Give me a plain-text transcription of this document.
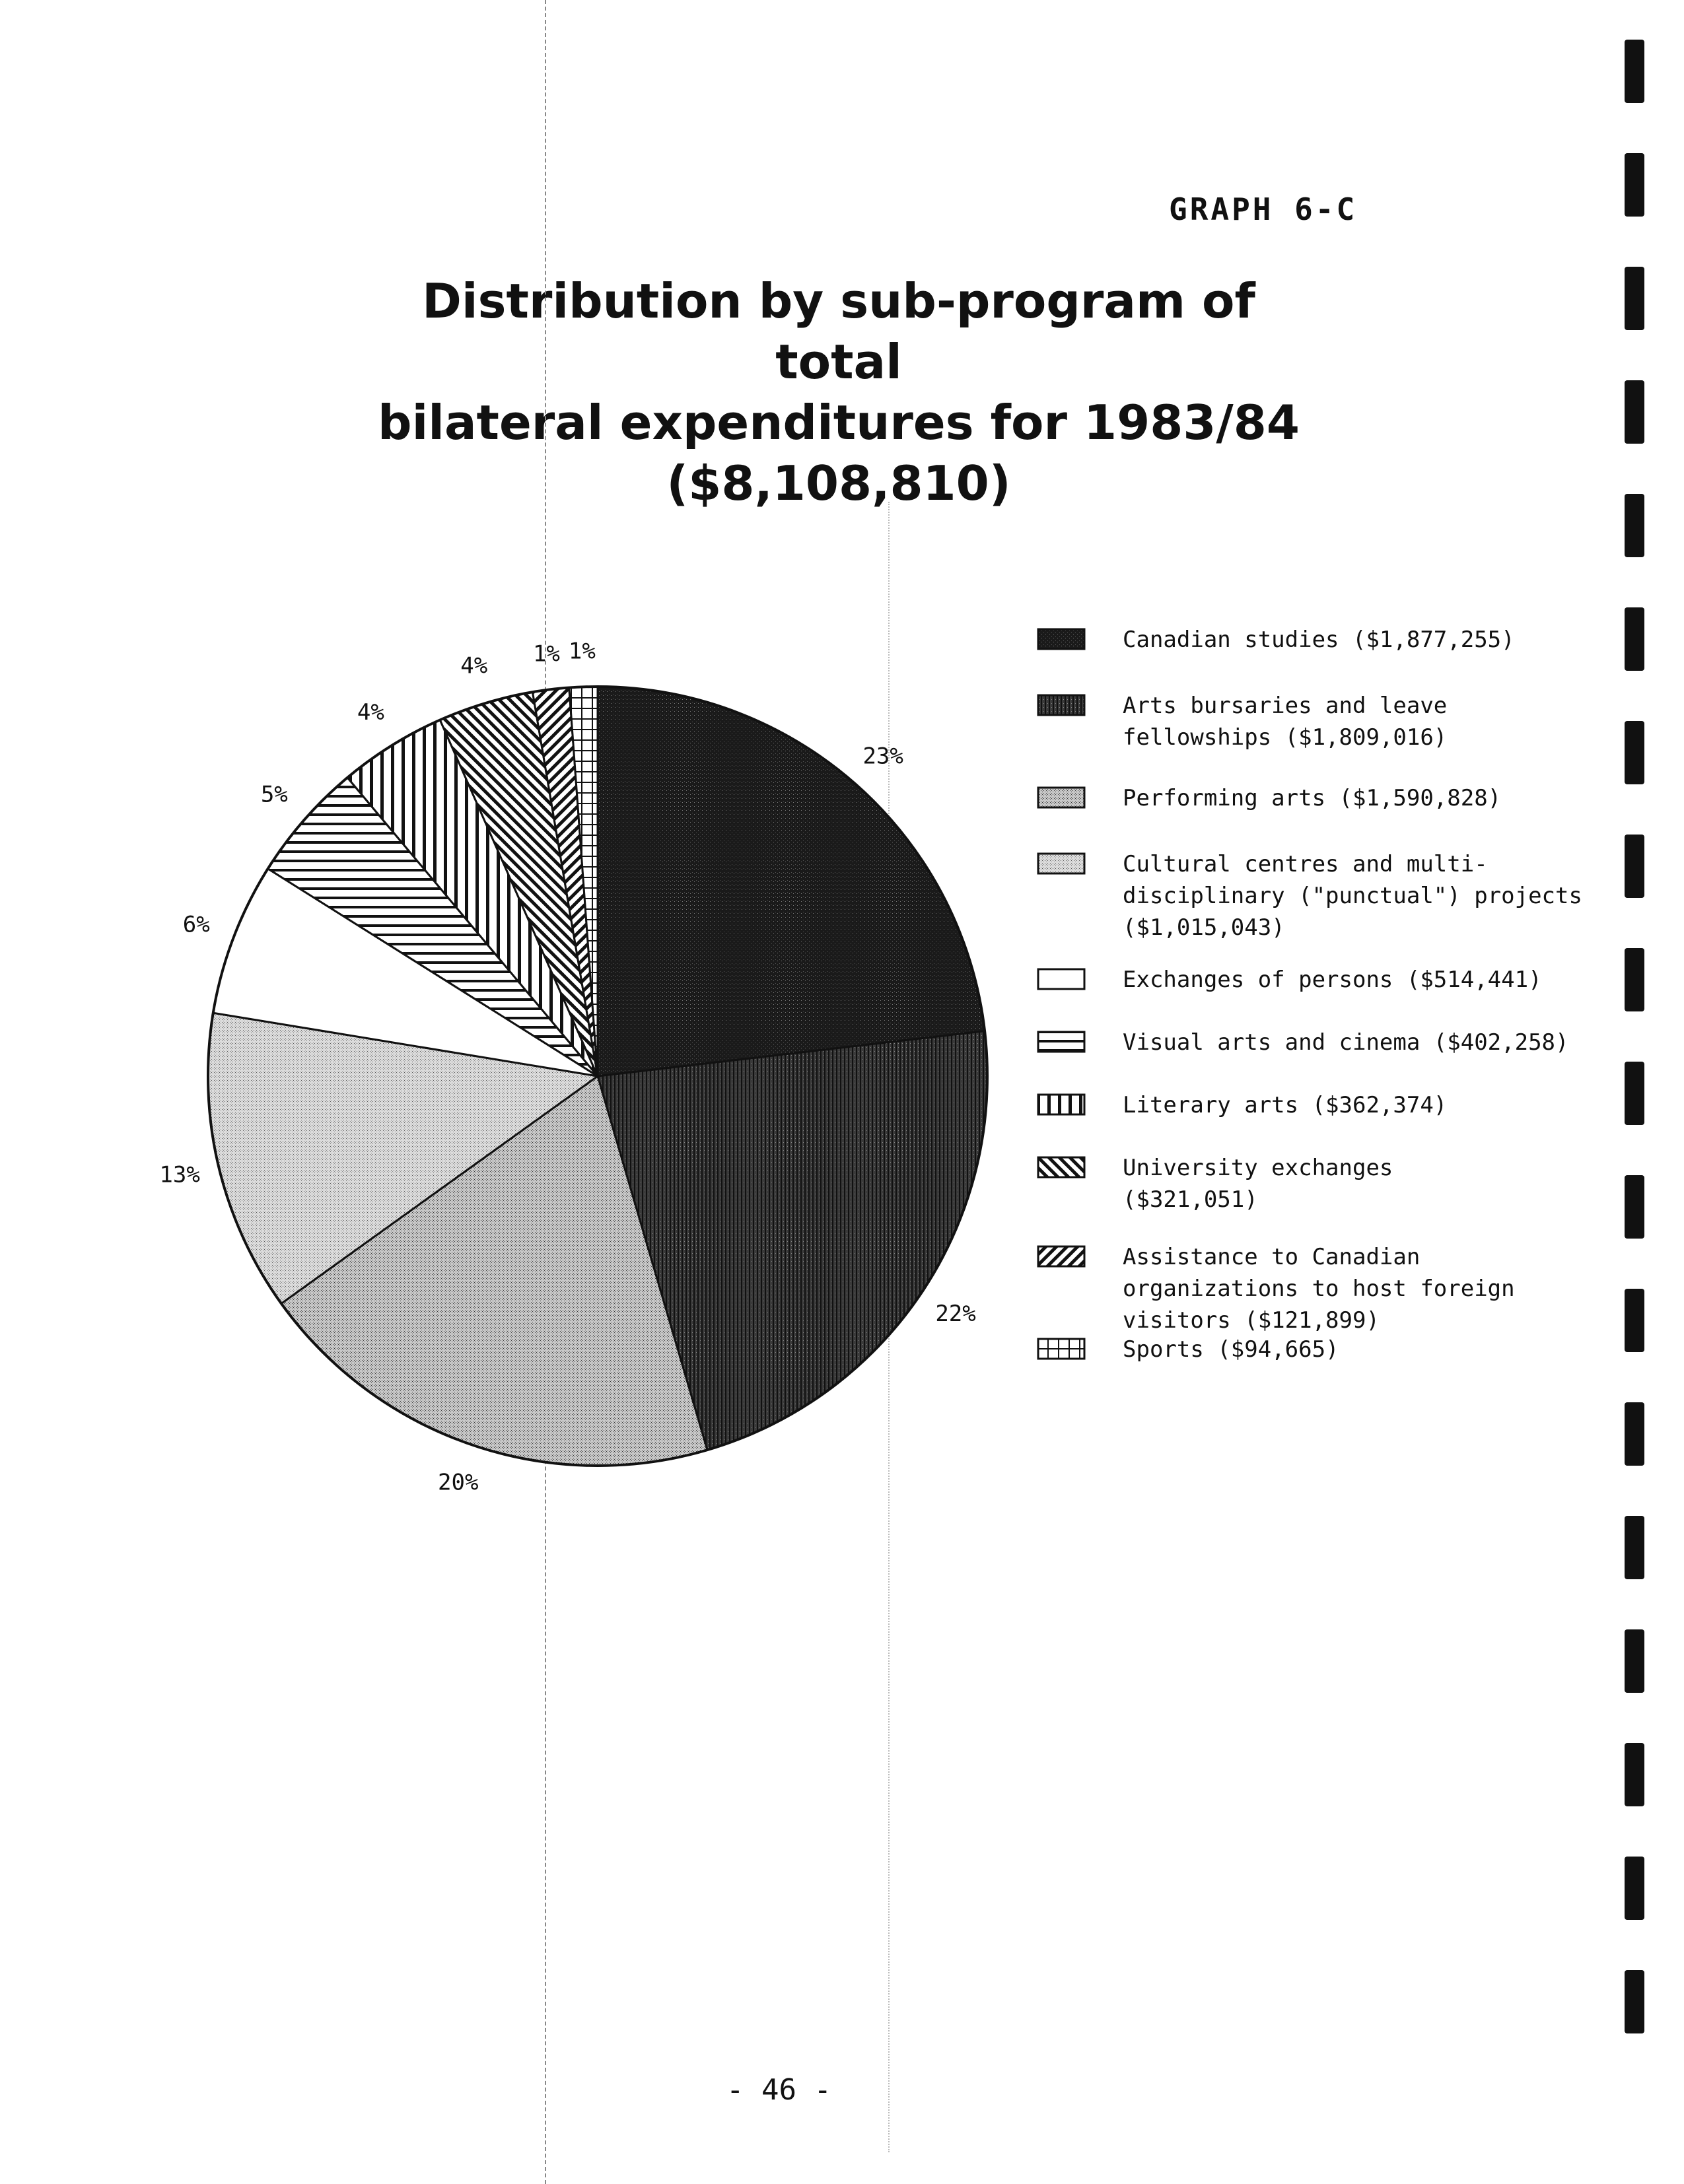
GRAPH 6-C
Distribution by sub-program of total
bilateral expenditures for 1983/84
($8,108,810)
23%
22%
20%
13%
6%
5%
4%
4% 1% 1%	Canadian studies ($1,877,255)
Arts bursaries and leave
fellowships ($1,809,016)
Performing arts ($1,590,828)
Cultural centres and multi-
disciplinary ("punctual") projects
($1,015,043)
Exchanges of persons ($514,441)
Visual arts and cinema ($402,258)
Literary arts ($362,374)
University exchanges
($321,051)
Assistance to Canadian
organizations to host foreign
visitors ($121,899)
Sports ($94,665)
- 46 -
